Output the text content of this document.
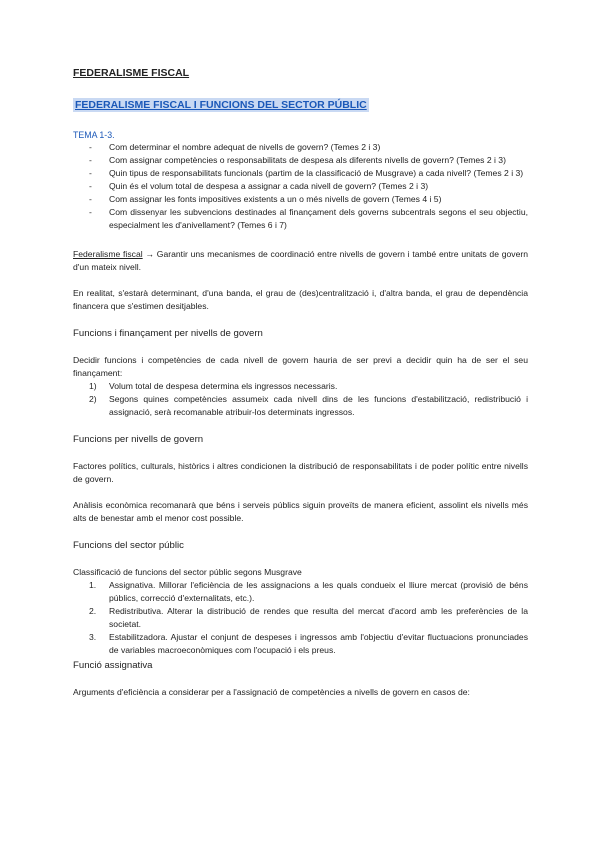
FEDERALISME FISCAL

FEDERALISME FISCAL I FUNCIONS DEL SECTOR PÚBLIC
TEMA 1-3.
- Com determinar el nombre adequat de nivells de govern? (Temes 2 i 3)
- Com assignar competències o responsabilitats de despesa als diferents nivells de govern? (Temes 2 i 3)
- Quin tipus de responsabilitats funcionals (partim de la classificació de Musgrave) a cada nivell? (Temes 2 i 3)
- Quin és el volum total de despesa a assignar a cada nivell de govern? (Temes 2 i 3)
- Com assignar les fonts impositives existents a un o més nivells de govern (Temes 4 i 5)
- Com dissenyar les subvencions destinades al finançament dels governs subcentrals segons el seu objectiu, especialment les d'anivellament? (Temes 6 i 7)

Federalisme fiscal → Garantir uns mecanismes de coordinació entre nivells de govern i també entre unitats de govern d'un mateix nivell.

En realitat, s'estarà determinant, d'una banda, el grau de (des)centralització i, d'altra banda, el grau de dependència financera que s'estimen desitjables.

Funcions i finançament per nivells de govern

Decidir funcions i competències de cada nivell de govern hauria de ser previ a decidir quin ha de ser el seu finançament:

1) Volum total de despesa determina els ingressos necessaris.
2) Segons quines competències assumeix cada nivell dins de les funcions d'estabilització, redistribució i assignació, serà recomanable atribuir-los determinats ingressos.

Funcions per nivells de govern

Factores polítics, culturals, històrics i altres condicionen la distribució de responsabilitats i de poder polític entre nivells de govern.

Anàlisis econòmica recomanarà que béns i serveis públics siguin proveïts de manera eficient, assolint els nivells més alts de benestar amb el menor cost possible.

Funcions del sector públic

Classificació de funcions del sector públic segons Musgrave

1. Assignativa. Millorar l'eficiència de les assignacions a les quals condueix el lliure mercat (provisió de béns públics, correcció d'externalitats, etc.).
2. Redistributiva. Alterar la distribució de rendes que resulta del mercat d'acord amb les preferències de la societat.
3. Estabilitzadora. Ajustar el conjunt de despeses i ingressos amb l'objectiu d'evitar fluctuacions pronunciades de variables macroeconòmiques com l'ocupació i els preus.

Funció assignativa

Arguments d'eficiència a considerar per a l'assignació de competències a nivells de govern en casos de:
